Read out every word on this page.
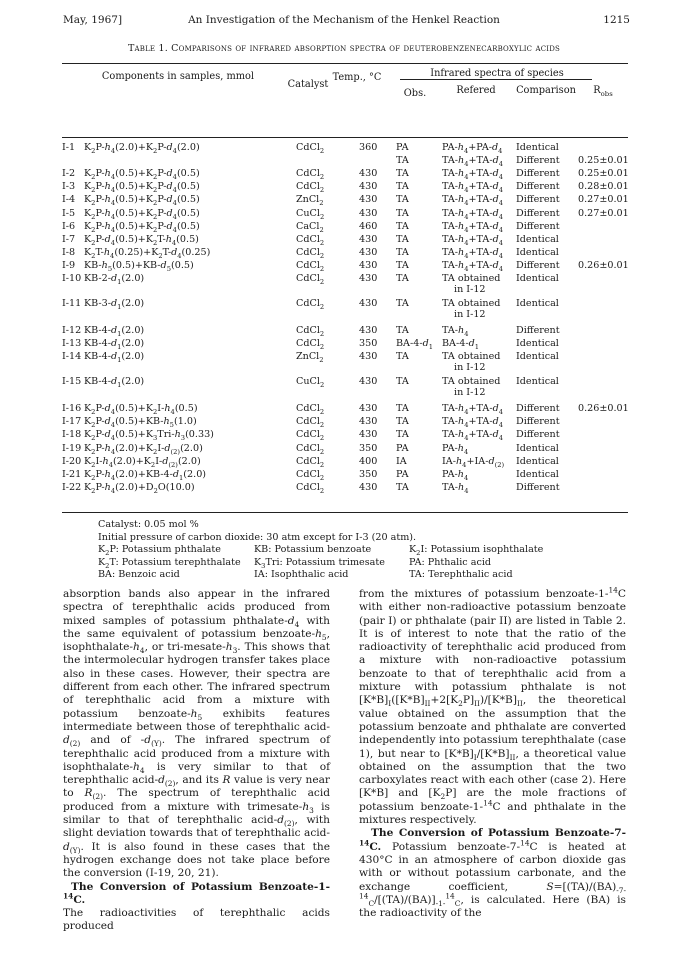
May, 1967]	An Investigation of the Mechanism of the Henkel Reaction	1215
Table 1. Comparisons of infrared absorption spectra of deuterobenzenecarboxylic acids
Components in samples, mmol
Catalyst
Temp., °C	Infrared spectra of species
Obs.	Refered	Comparison	$R_{obs}$
I-1 $K_2P-h_4(2.0)+K_2P-d_4(2.0)$	CdCl$_2$	360 PA	$PA-h_4+PA-d_4$ Identical
TA	$TA-h_4+TA-d_4$ Different 0.25±0.01
I-2 $K_2P-h_4(0.5)+K_2P-d_4(0.5)$	CdCl$_2$	430 TA	$TA-h_4+TA-d_4$ Different 0.25±0.01
I-3 $K_2P-h_4(0.5)+K_2P-d_4(0.5)$	CdCl$_2$	430 TA	$TA-h_4+TA-d_4$ Different 0.28±0.01
I-4 $K_2P-h_4(0.5)+K_2P-d_4(0.5)$	ZnCl$_2$	430 TA	$TA-h_4+TA-d_4$ Different 0.27±0.01
I-5 $K_2P-h_4(0.5)+K_2P-d_4(0.5)$	CuCl$_2$	430 TA	$TA-h_4+TA-d_4$ Different 0.27±0.01
I-6 $K_2P-h_4(0.5)+K_2P-d_4(0.5)$	CaCl$_2$	460 TA	$TA-h_4+TA-d_4$ Different
I-7 $K_2P-d_4(0.5)+K_2T-h_4(0.5)$	CdCl$_2$	430 TA	$TA-h_4+TA-d_4$ Identical
I-8 $K_2T-h_4(0.25)+K_2T-d_4(0.25)$	CdCl$_2$	430 TA	$TA-h_4+TA-d_4$ Identical
I-9 $KB-h_5(0.5)+KB-d_5(0.5)$	CdCl$_2$	430 TA	$TA-h_4+TA-d_4$ Different 0.26±0.01
I-10 $KB-2-d_1(2.0)$	CdCl$_2$	430 TA	TA obtained Identical
in I-12
I-11 $KB-3-d_1(2.0)$	CdCl$_2$	430 TA	TA obtained Identical
in I-12
I-12 $KB-4-d_1(2.0)$	CdCl$_2$	430 TA	$TA-h_4$	Different
I-13 $KB-4-d_1(2.0)$	CdCl$_2$	350 $BA-4-d_1$ $BA-4-d_1$	Identical
I-14 $KB-4-d_1(2.0)$	ZnCl$_2$	430 TA	TA obtained Identical
in I-12
I-15 $KB-4-d_1(2.0)$	CuCl$_2$	430 TA	TA obtained Identical
in I-12
I-16 $K_2P-d_4(0.5)+K_2I-h_4(0.5)$	CdCl$_2$	430 TA	$TA-h_4+TA-d_4$ Different 0.26±0.01
I-17 $K_2P-d_4(0.5)+KB-h_5(1.0)$	CdCl$_2$	430 TA	$TA-h_4+TA-d_4$ Different
I-18 $K_2P-d_4(0.5)+K_3Tri-h_3(0.33)$	CdCl$_2$	430 TA	$TA-h_4+TA-d_4$ Different
I-19 $K_2P-h_4(2.0)+K_2I-d_{(2)}(2.0)$	CdCl$_2$	350 PA	$PA-h_4$	Identical
I-20 $K_2I-h_4(2.0)+K_2I-d_{(2)}(2.0)$	CdCl$_2$	400 IA	$IA-h_4+IA-d_{(2)}$ Identical
I-21 $K_2P-h_4(2.0)+KB-4-d_1(2.0)$	CdCl$_2$	350 PA	$PA-h_4$	Identical
I-22 $K_2P-h_4(2.0)+D_2O(10.0)$	CdCl$_2$	430 TA	$TA-h_4$	Different
Catalyst: 0.05 mol %
Initial pressure of carbon dioxide: 30 atm except for I-3 (20 atm).
$K_2P$: Potassium phthalate	KB: Potassium benzoate	$K_2I$: Potassium isophthalate
$K_2T$: Potassium terephthalate $K_3Tri$: Potassium trimesate	PA: Phthalic acid
BA: Benzoic acid	IA: Isophthalic acid	TA: Terephthalic acid

absorption bands also appear in the infrared spectra of terephthalic acids produced from mixed samples of potassium phthalate-$d_4$ with the same equivalent of potassium benzoate-$h_5$, isophthalate-$h_4$, or tri-$mesate-h_3$. This shows that the intermolecular hydrogen transfer takes place also in these cases. However, their spectra are different from each other. The infrared spectrum of terephthalic acid from a mixture with potassium benzoate-$h_5$ exhibits features intermediate between those of terephthalic acid-$d_{(2)}$ and of $-d_{(Y)}$. The infrared spectrum of terephthalic acid produced from a mixture with isophthalate-$h_4$ is very similar to that of terephthalic acid-$d_{(2)}$, and its R value is very near to $R_{(2)}$. The spectrum of terephthalic acid produced from a mixture with trimesate-$h_3$ is similar to that of terephthalic acid-$d_{(2)}$, with slight deviation towards that of terephthalic acid-$d_{(Y)}$. It is also found in these cases that the hydrogen exchange does not take place before the conversion (I-19, 20, 21).

The Conversion of Potassium Benzoate-1-$^{14}$C.

The radioactivities of terephthalic acids produced

from the mixtures of potassium benzoate-1-$^{14}$C with either non-radioactive potassium benzoate (pair I) or phthalate (pair II) are listed in Table 2. It is of interest to note that the ratio of the radioactivity of terephthalic acid produced from a mixture with non-radioactive potassium benzoate to that of terephthalic acid from a mixture with potassium phthalate is not $[K*B]_I([K*B]_{II}+2[K_2P]_{II})/[K*B]_{II}$, the theoretical value obtained on the assumption that the potassium benzoate and phthalate are converted independently into potassium terephthalate (case 1), but near to $[K*B]_I/[K*B]_{II}$, a theoretical value obtained on the assumption that the two carboxylates react with each other (case 2). Here [K*B] and $[K_2P]$ are the mole fractions of potassium benzoate-1-$^{14}$C and phthalate in the mixtures respectively.

The Conversion of Potassium Benzoate-7-$^{14}$C. Potassium benzoate-7-$^{14}$C is heated at 430°C in an atmosphere of carbon dioxide gas with or without potassium carbonate, and the exchange coefficient, $S=[(TA)/(BA)_{-7-}^{14}_C/[(TA)/(BA)]_{-1-}^{14}_C$, is calculated. Here (BA) is the radioactivity of the
